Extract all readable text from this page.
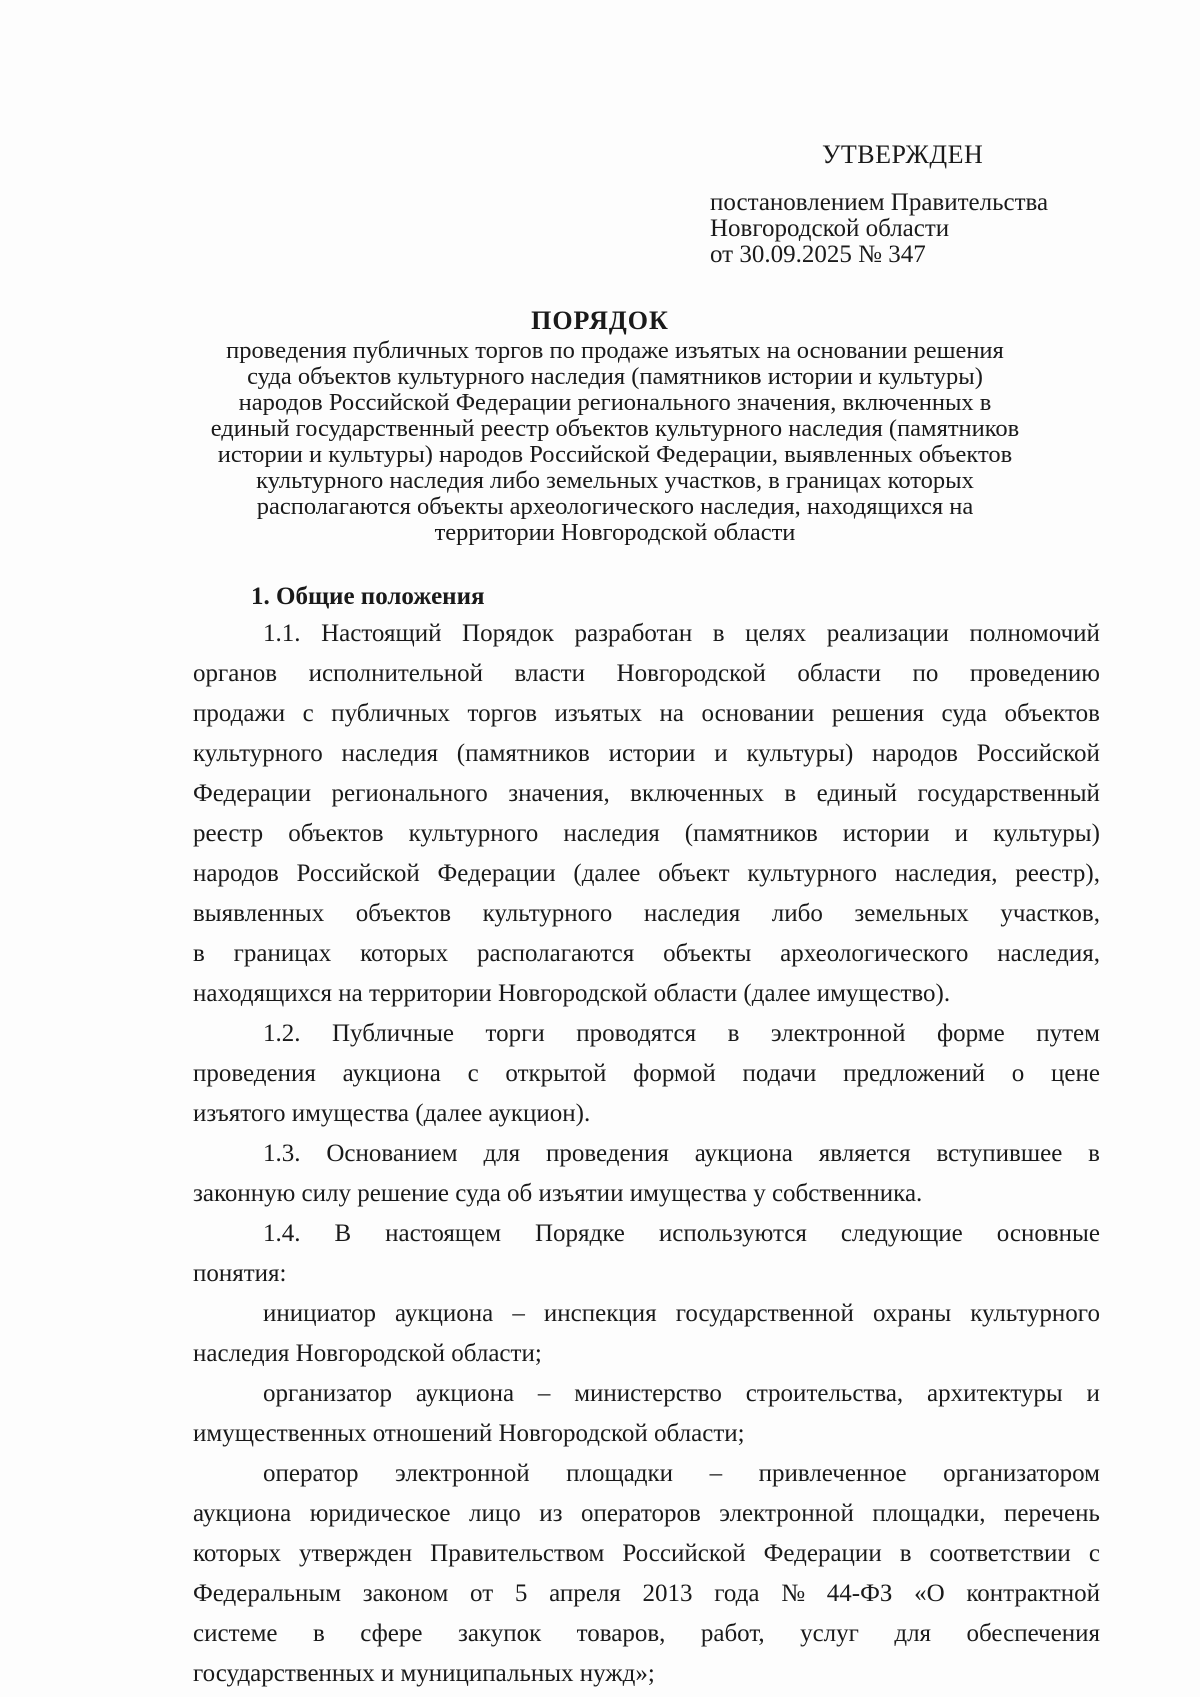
УТВЕРЖДЕН
постановлением Правительства
Новгородской области
от 30.09.2025 № 347
ПОРЯДОК
проведения публичных торгов по продаже изъятых на основании решения
суда объектов культурного наследия (памятников истории и культуры)
народов Российской Федерации регионального значения, включенных в
единый государственный реестр объектов культурного наследия (памятников
истории и культуры) народов Российской Федерации, выявленных объектов
культурного наследия либо земельных участков, в границах которых
располагаются объекты археологического наследия, находящихся на
территории Новгородской области
1. Общие положения
1.1. Настоящий Порядок разработан в целях реализации полномочий
органов исполнительной власти Новгородской области по проведению
продажи с публичных торгов изъятых на основании решения суда объектов
культурного наследия (памятников истории и культуры) народов Российской
Федерации регионального значения, включенных в единый государственный
реестр объектов культурного наследия (памятников истории и культуры)
народов Российской Федерации (далее объект культурного наследия, реестр),
выявленных объектов культурного наследия либо земельных участков,
в границах которых располагаются объекты археологического наследия,
находящихся на территории Новгородской области (далее имущество).
1.2. Публичные торги проводятся в электронной форме путем
проведения аукциона с открытой формой подачи предложений о цене
изъятого имущества (далее аукцион).
1.3. Основанием для проведения аукциона является вступившее в
законную силу решение суда об изъятии имущества у собственника.
1.4. В настоящем Порядке используются следующие основные
понятия:
инициатор аукциона – инспекция государственной охраны культурного
наследия Новгородской области;
организатор аукциона – министерство строительства, архитектуры и
имущественных отношений Новгородской области;
оператор электронной площадки – привлеченное организатором
аукциона юридическое лицо из операторов электронной площадки, перечень
которых утвержден Правительством Российской Федерации в соответствии с
Федеральным законом от 5 апреля 2013 года № 44-ФЗ «О контрактной
системе в сфере закупок товаров, работ, услуг для обеспечения
государственных и муниципальных нужд»;
